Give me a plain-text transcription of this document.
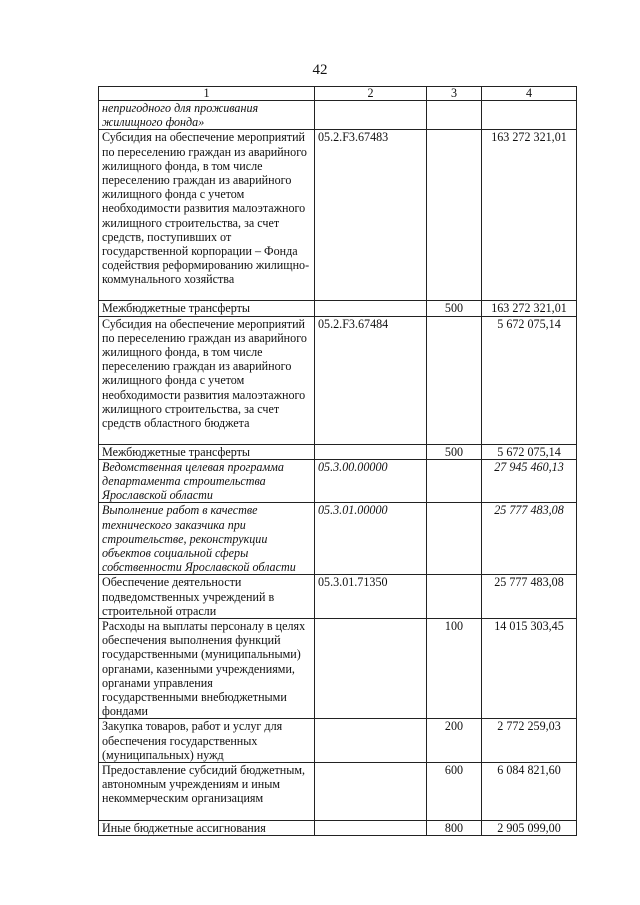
42
1	2	3	4
непригодного для проживания жилищного фонда»			
Субсидия на обеспечение мероприятий по переселению граждан из аварийного жилищного фонда, в том числе переселению граждан из аварийного жилищного фонда с учетом необходимости развития малоэтажного жилищного строительства, за счет средств, поступивших от государственной корпорации – Фонда содействия реформированию жилищно-коммунального хозяйства	05.2.F3.67483		163 272 321,01
Межбюджетные трансферты		500	163 272 321,01
Субсидия на обеспечение мероприятий по переселению граждан из аварийного жилищного фонда, в том числе переселению граждан из аварийного жилищного фонда с учетом необходимости развития малоэтажного жилищного строительства, за счет средств областного бюджета	05.2.F3.67484		5 672 075,14
Межбюджетные трансферты		500	5 672 075,14
Ведомственная целевая программа департамента строительства Ярославской области	05.3.00.00000		27 945 460,13
Выполнение работ в качестве технического заказчика при строительстве, реконструкции объектов социальной сферы собственности Ярославской области	05.3.01.00000		25 777 483,08
Обеспечение деятельности подведомственных учреждений в строительной отрасли	05.3.01.71350		25 777 483,08
Расходы на выплаты персоналу в целях обеспечения выполнения функций государственными (муниципальными) органами, казенными учреждениями, органами управления государственными внебюджетными фондами		100	14 015 303,45
Закупка товаров, работ и услуг для обеспечения государственных (муниципальных) нужд		200	2 772 259,03
Предоставление субсидий бюджетным, автономным учреждениям и иным некоммерческим организациям		600	6 084 821,60
Иные бюджетные ассигнования		800	2 905 099,00
